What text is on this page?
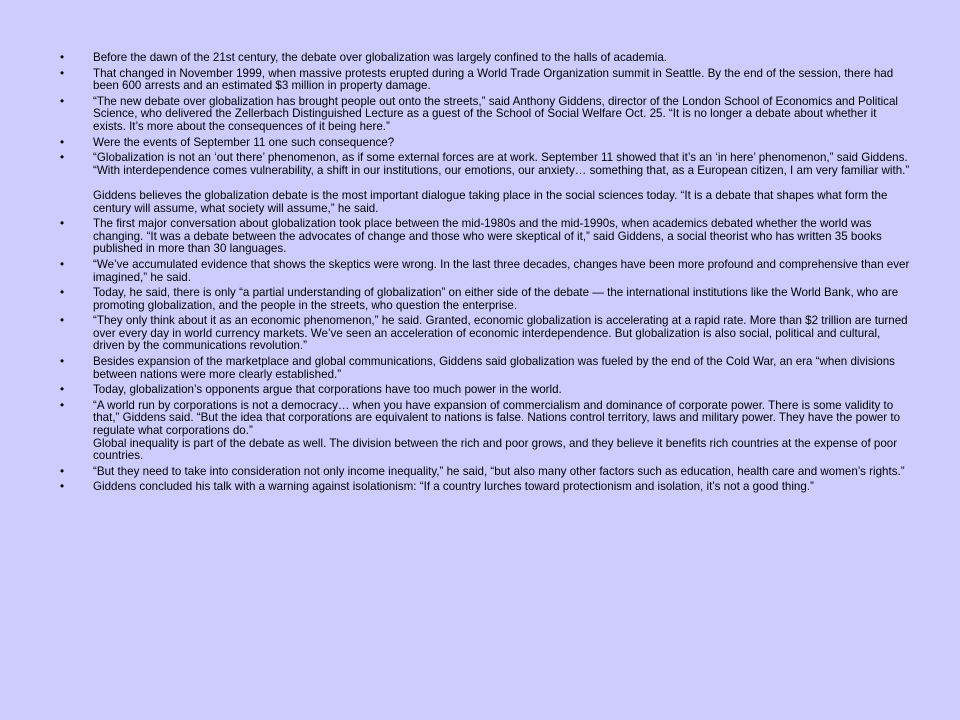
• Before the dawn of the 21st century, the debate over globalization was largely confined to the halls of academia.
• That changed in November 1999, when massive protests erupted during a World Trade Organization summit in Seattle. By the end of the session, there had been 600 arrests and an estimated $3 million in property damage.
• “The new debate over globalization has brought people out onto the streets,” said Anthony Giddens, director of the London School of Economics and Political Science, who delivered the Zellerbach Distinguished Lecture as a guest of the School of Social Welfare Oct. 25. “It is no longer a debate about whether it exists. It’s more about the consequences of it being here.”
• Were the events of September 11 one such consequence?
• “Globalization is not an ‘out there’ phenomenon, as if some external forces are at work. September 11 showed that it’s an ‘in here’ phenomenon,” said Giddens. “With interdependence comes vulnerability, a shift in our institutions, our emotions, our anxiety… something that, as a European citizen, I am very familiar with.”
Giddens believes the globalization debate is the most important dialogue taking place in the social sciences today. “It is a debate that shapes what form the century will assume, what society will assume,” he said.
• The first major conversation about globalization took place between the mid-1980s and the mid-1990s, when academics debated whether the world was changing. “It was a debate between the advocates of change and those who were skeptical of it,” said Giddens, a social theorist who has written 35 books published in more than 30 languages.
• “We’ve accumulated evidence that shows the skeptics were wrong. In the last three decades, changes have been more profound and comprehensive than ever imagined,” he said.
• Today, he said, there is only “a partial understanding of globalization” on either side of the debate — the international institutions like the World Bank, who are promoting globalization, and the people in the streets, who question the enterprise.
• “They only think about it as an economic phenomenon,” he said. Granted, economic globalization is accelerating at a rapid rate. More than $2 trillion are turned over every day in world currency markets. We’ve seen an acceleration of economic interdependence. But globalization is also social, political and cultural, driven by the communications revolution.”
• Besides expansion of the marketplace and global communications, Giddens said globalization was fueled by the end of the Cold War, an era “when divisions between nations were more clearly established.”
• Today, globalization’s opponents argue that corporations have too much power in the world.
• “A world run by corporations is not a democracy… when you have expansion of commercialism and dominance of corporate power. There is some validity to that,” Giddens said. “But the idea that corporations are equivalent to nations is false. Nations control territory, laws and military power. They have the power to regulate what corporations do.”
Global inequality is part of the debate as well. The division between the rich and poor grows, and they believe it benefits rich countries at the expense of poor countries.
• “But they need to take into consideration not only income inequality,” he said, “but also many other factors such as education, health care and women’s rights.”
• Giddens concluded his talk with a warning against isolationism: “If a country lurches toward protectionism and isolation, it’s not a good thing.”
